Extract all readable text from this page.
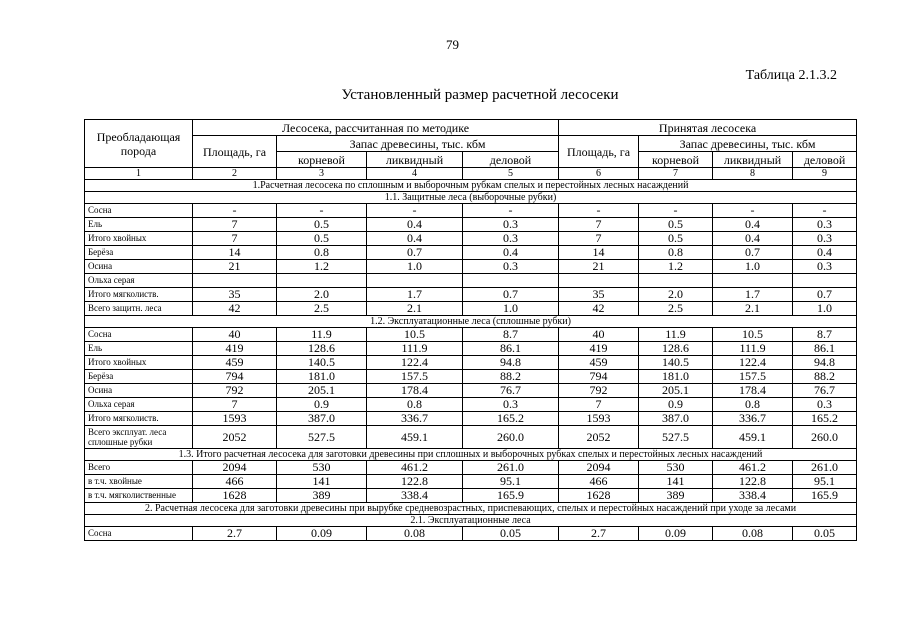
79
Таблица 2.1.3.2
Установленный размер расчетной лесосеки
Преобладающая порода	Лесосека, рассчитанная по методике				Принятая лесосека			
	Площадь, га	Запас древесины, тыс. кбм			Площадь, га	Запас древесины, тыс. кбм		
		корневой	ликвидный	деловой		корневой	ликвидный	деловой
1	2	3	4	5	6	7	8	9
1.Расчетная лесосека по сплошным и выборочным рубкам спелых и перестойных лесных насаждений								
1.1. Защитные леса (выборочные рубки)								
Сосна	-	-	-	-	-	-	-	-
Ель	7	0.5	0.4	0.3	7	0.5	0.4	0.3
Итого хвойных	7	0.5	0.4	0.3	7	0.5	0.4	0.3
Берёза	14	0.8	0.7	0.4	14	0.8	0.7	0.4
Осина	21	1.2	1.0	0.3	21	1.2	1.0	0.3
Ольха серая								
Итого мягколиств.	35	2.0	1.7	0.7	35	2.0	1.7	0.7
Всего защитн. леса	42	2.5	2.1	1.0	42	2.5	2.1	1.0
1.2. Эксплуатационные леса (сплошные рубки)								
Сосна	40	11.9	10.5	8.7	40	11.9	10.5	8.7
Ель	419	128.6	111.9	86.1	419	128.6	111.9	86.1
Итого хвойных	459	140.5	122.4	94.8	459	140.5	122.4	94.8
Берёза	794	181.0	157.5	88.2	794	181.0	157.5	88.2
Осина	792	205.1	178.4	76.7	792	205.1	178.4	76.7
Ольха серая	7	0.9	0.8	0.3	7	0.9	0.8	0.3
Итого мягколиств.	1593	387.0	336.7	165.2	1593	387.0	336.7	165.2
Всего эксплуат. леса сплошные рубки	2052	527.5	459.1	260.0	2052	527.5	459.1	260.0
1.3. Итого расчетная лесосека для заготовки древесины при сплошных и выборочных рубках спелых и перестойных лесных насаждений								
Всего	2094	530	461.2	261.0	2094	530	461.2	261.0
в т.ч. хвойные	466	141	122.8	95.1	466	141	122.8	95.1
в т.ч. мягколиственные	1628	389	338.4	165.9	1628	389	338.4	165.9
2. Расчетная лесосека для заготовки древесины при вырубке средневозрастных, приспевающих, спелых и перестойных насаждений при уходе за лесами								
2.1. Эксплуатационные леса								
Сосна	2.7	0.09	0.08	0.05	2.7	0.09	0.08	0.05
